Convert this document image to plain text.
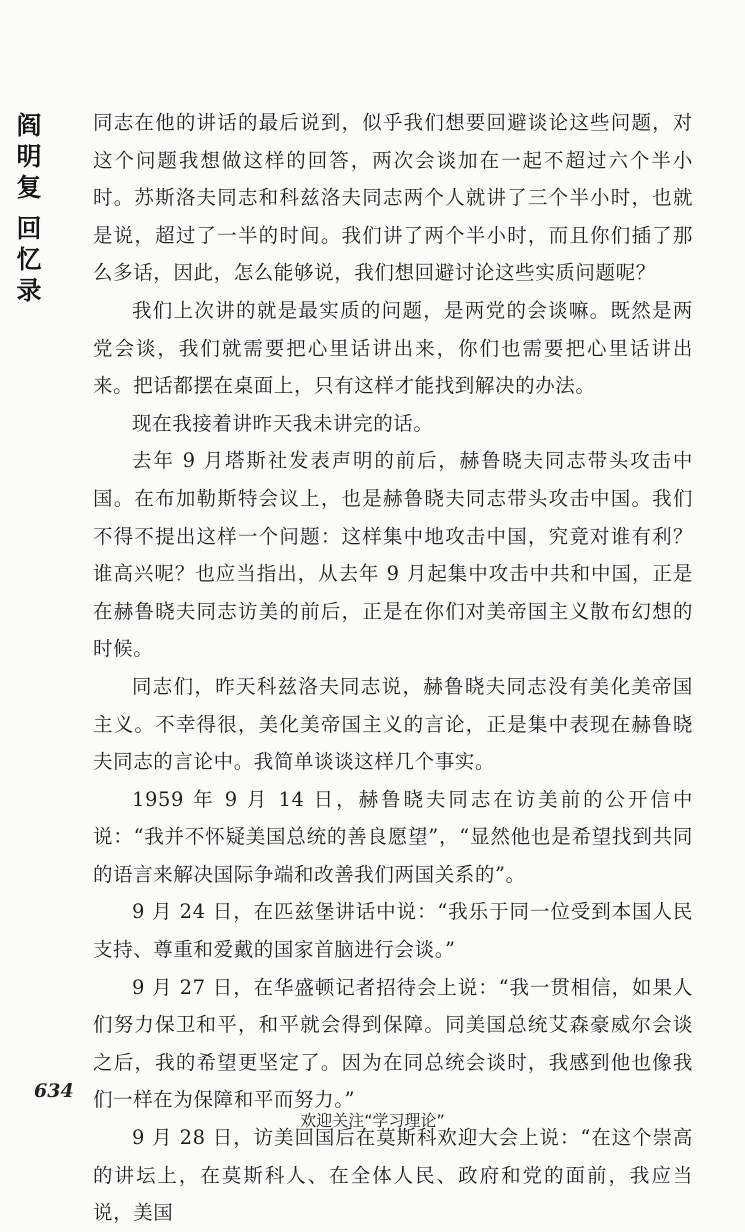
阎
明
复
回
忆
录

同志在他的讲话的最后说到，似乎我们想要回避谈论这些问题，对这个问题我想做这样的回答，两次会谈加在一起不超过六个半小时。苏斯洛夫同志和科兹洛夫同志两个人就讲了三个半小时，也就是说，超过了一半的时间。我们讲了两个半小时，而且你们插了那么多话，因此，怎么能够说，我们想回避讨论这些实质问题呢？

我们上次讲的就是最实质的问题，是两党的会谈嘛。既然是两党会谈，我们就需要把心里话讲出来，你们也需要把心里话讲出来。把话都摆在桌面上，只有这样才能找到解决的办法。

现在我接着讲昨天我未讲完的话。

去年 9 月塔斯社发表声明的前后，赫鲁晓夫同志带头攻击中国。在布加勒斯特会议上，也是赫鲁晓夫同志带头攻击中国。我们不得不提出这样一个问题：这样集中地攻击中国，究竟对谁有利？谁高兴呢？也应当指出，从去年 9 月起集中攻击中共和中国，正是在赫鲁晓夫同志访美的前后，正是在你们对美帝国主义散布幻想的时候。

同志们，昨天科兹洛夫同志说，赫鲁晓夫同志没有美化美帝国主义。不幸得很，美化美帝国主义的言论，正是集中表现在赫鲁晓夫同志的言论中。我简单谈谈这样几个事实。

1959 年 9 月 14 日，赫鲁晓夫同志在访美前的公开信中说：“我并不怀疑美国总统的善良愿望”，“显然他也是希望找到共同的语言来解决国际争端和改善我们两国关系的”。

9 月 24 日，在匹兹堡讲话中说：“我乐于同一位受到本国人民支持、尊重和爱戴的国家首脑进行会谈。”

9 月 27 日，在华盛顿记者招待会上说：“我一贯相信，如果人们努力保卫和平，和平就会得到保障。同美国总统艾森豪威尔会谈之后，我的希望更坚定了。因为在同总统会谈时，我感到他也像我们一样在为保障和平而努力。”

9 月 28 日，访美回国后在莫斯科欢迎大会上说：“在这个崇高的讲坛上，在莫斯科人、在全体人民、政府和党的面前，我应当说，美国

634
欢迎关注“学习理论”
